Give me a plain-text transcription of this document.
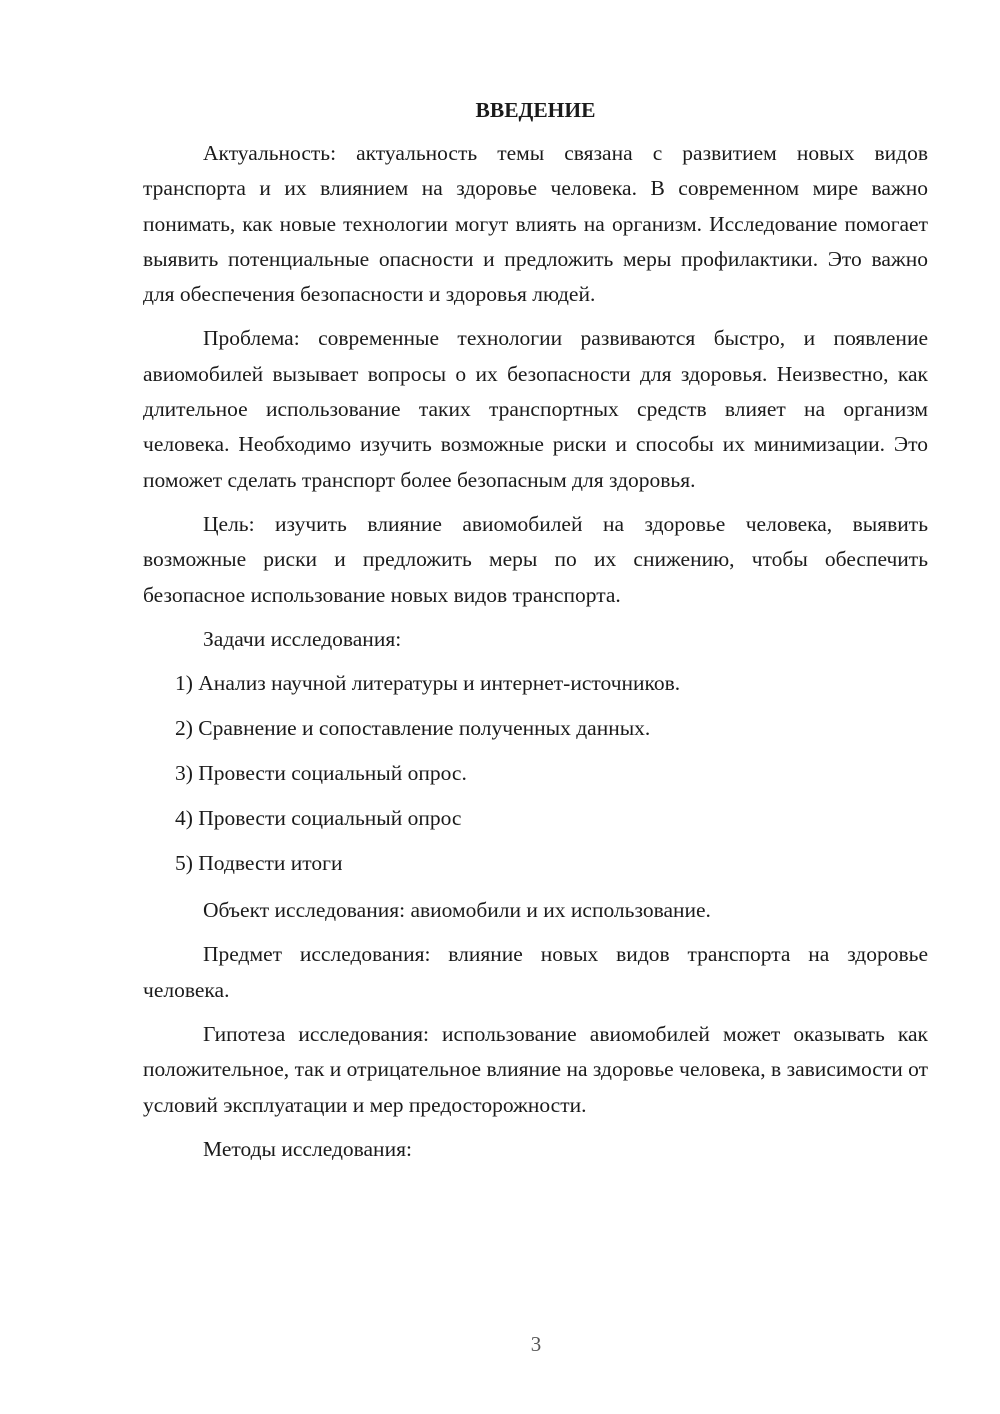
ВВЕДЕНИЕ

Актуальность: актуальность темы связана с развитием новых видов транспорта и их влиянием на здоровье человека. В современном мире важно понимать, как новые технологии могут влиять на организм. Исследование помогает выявить потенциальные опасности и предложить меры профилактики. Это важно для обеспечения безопасности и здоровья людей.

Проблема: современные технологии развиваются быстро, и появление авиомобилей вызывает вопросы о их безопасности для здоровья. Неизвестно, как длительное использование таких транспортных средств влияет на организм человека. Необходимо изучить возможные риски и способы их минимизации. Это поможет сделать транспорт более безопасным для здоровья.

Цель: изучить влияние авиомобилей на здоровье человека, выявить возможные риски и предложить меры по их снижению, чтобы обеспечить безопасное использование новых видов транспорта.

Задачи исследования:

1) Анализ научной литературы и интернет-источников.
2) Сравнение и сопоставление полученных данных.
3) Провести социальный опрос.
4) Провести социальный опрос
5) Подвести итоги

Объект исследования: авиомобили и их использование.

Предмет исследования: влияние новых видов транспорта на здоровье человека.

Гипотеза исследования: использование авиомобилей может оказывать как положительное, так и отрицательное влияние на здоровье человека, в зависимости от условий эксплуатации и мер предосторожности.

Методы исследования:

3
